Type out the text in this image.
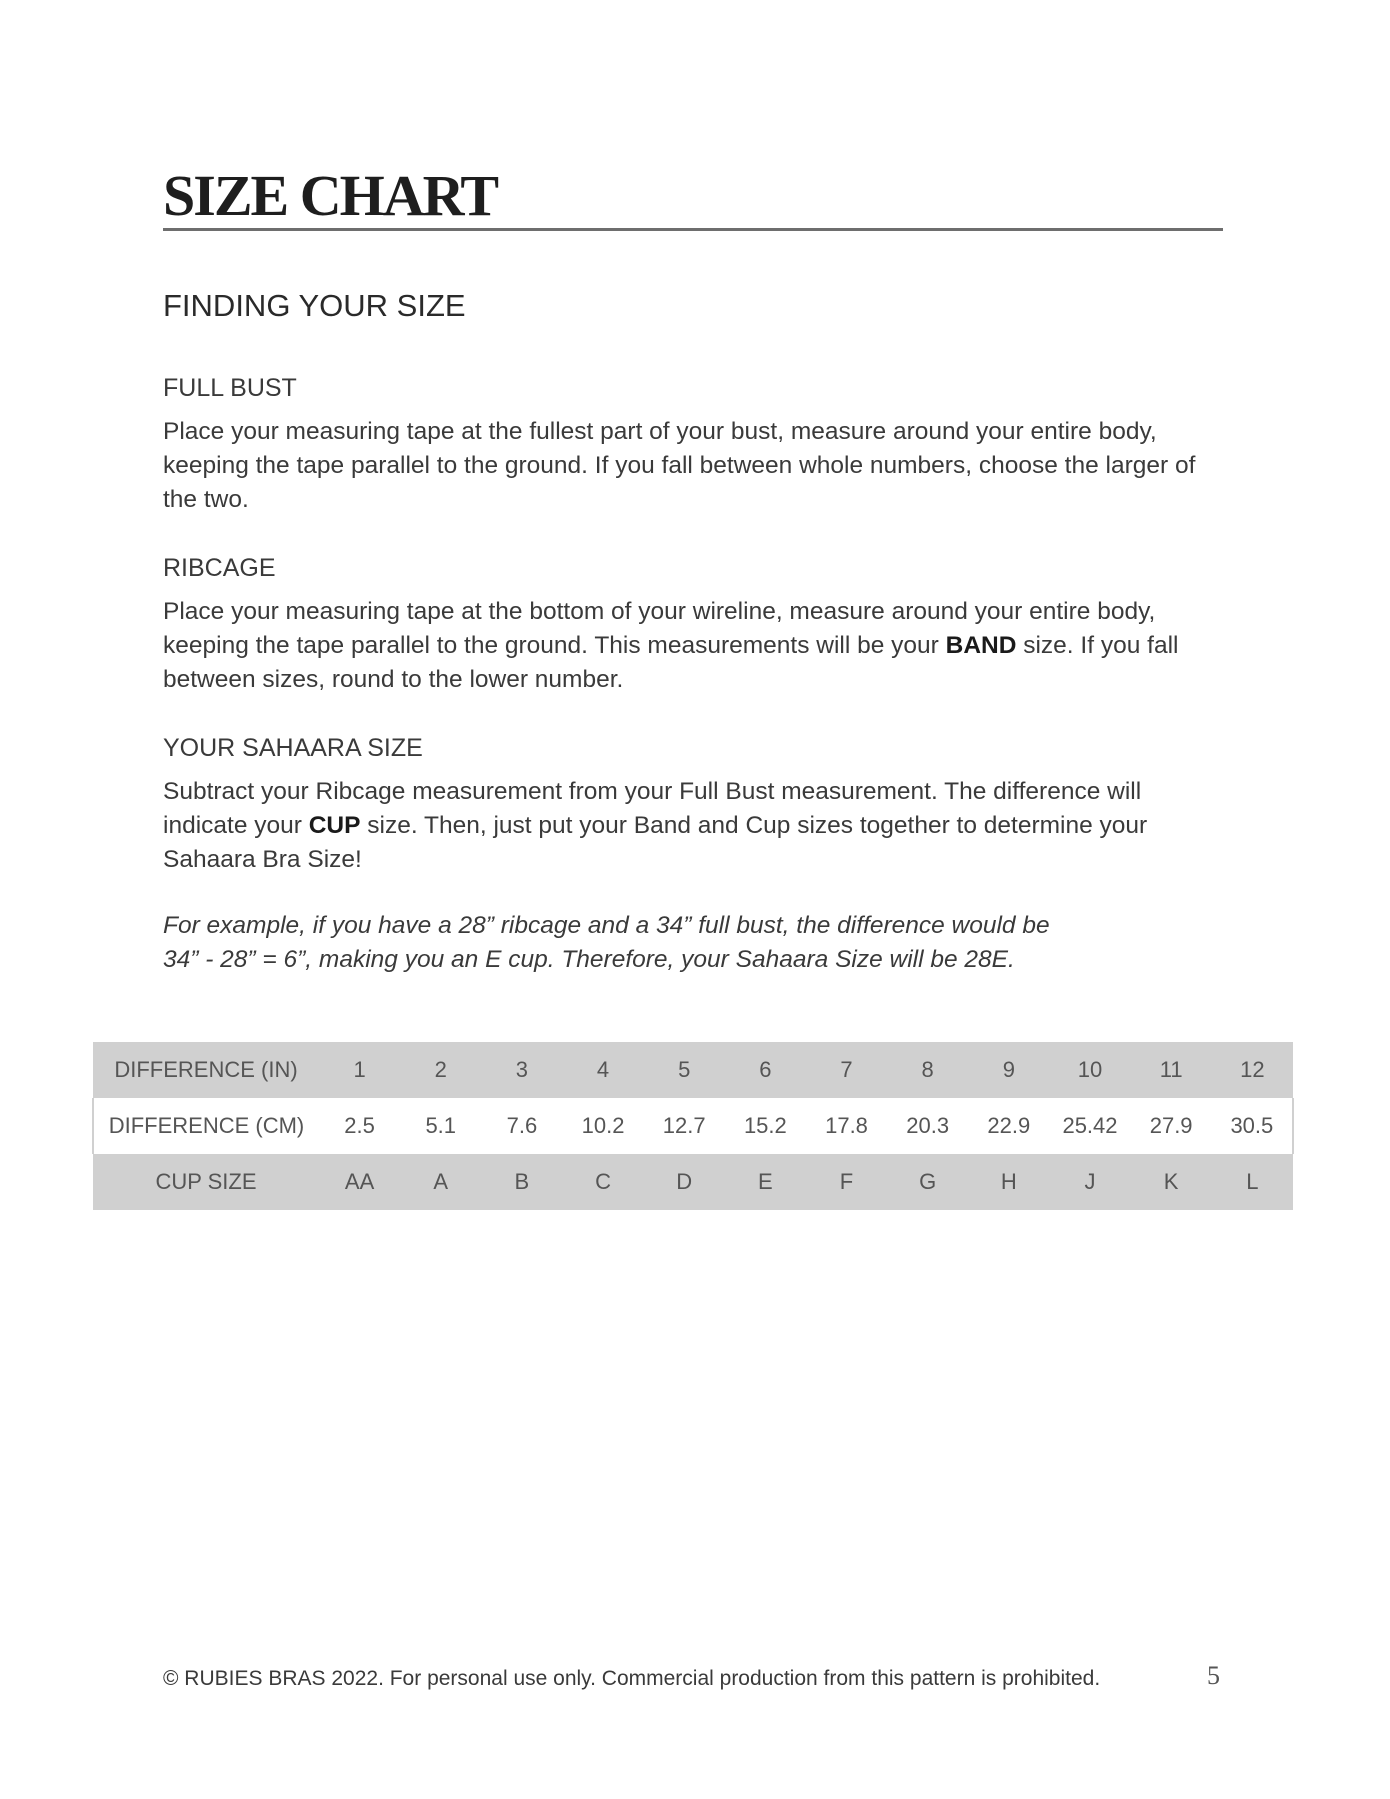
SIZE CHART
FINDING YOUR SIZE
FULL BUST

Place your measuring tape at the fullest part of your bust, measure around your entire body, keeping the tape parallel to the ground. If you fall between whole numbers, choose the larger of the two.

RIBCAGE

Place your measuring tape at the bottom of your wireline, measure around your entire body, keeping the tape parallel to the ground. This measurements will be your BAND size. If you fall between sizes, round to the lower number.

YOUR SAHAARA SIZE

Subtract your Ribcage measurement from your Full Bust measurement. The difference will indicate your CUP size. Then, just put your Band and Cup sizes together to determine your Sahaara Bra Size!

For example, if you have a 28” ribcage and a 34” full bust, the difference would be
34” - 28” = 6”, making you an E cup. Therefore, your Sahaara Size will be 28E.

DIFFERENCE (IN)	1	2	3	4	5	6	7	8	9	10	11	12
DIFFERENCE (CM)	2.5	5.1	7.6	10.2	12.7	15.2	17.8	20.3	22.9	25.42	27.9	30.5
CUP SIZE	AA	A	B	C	D	E	F	G	H	J	K	L

© RUBIES BRAS 2022. For personal use only. Commercial production from this pattern is prohibited.	5
